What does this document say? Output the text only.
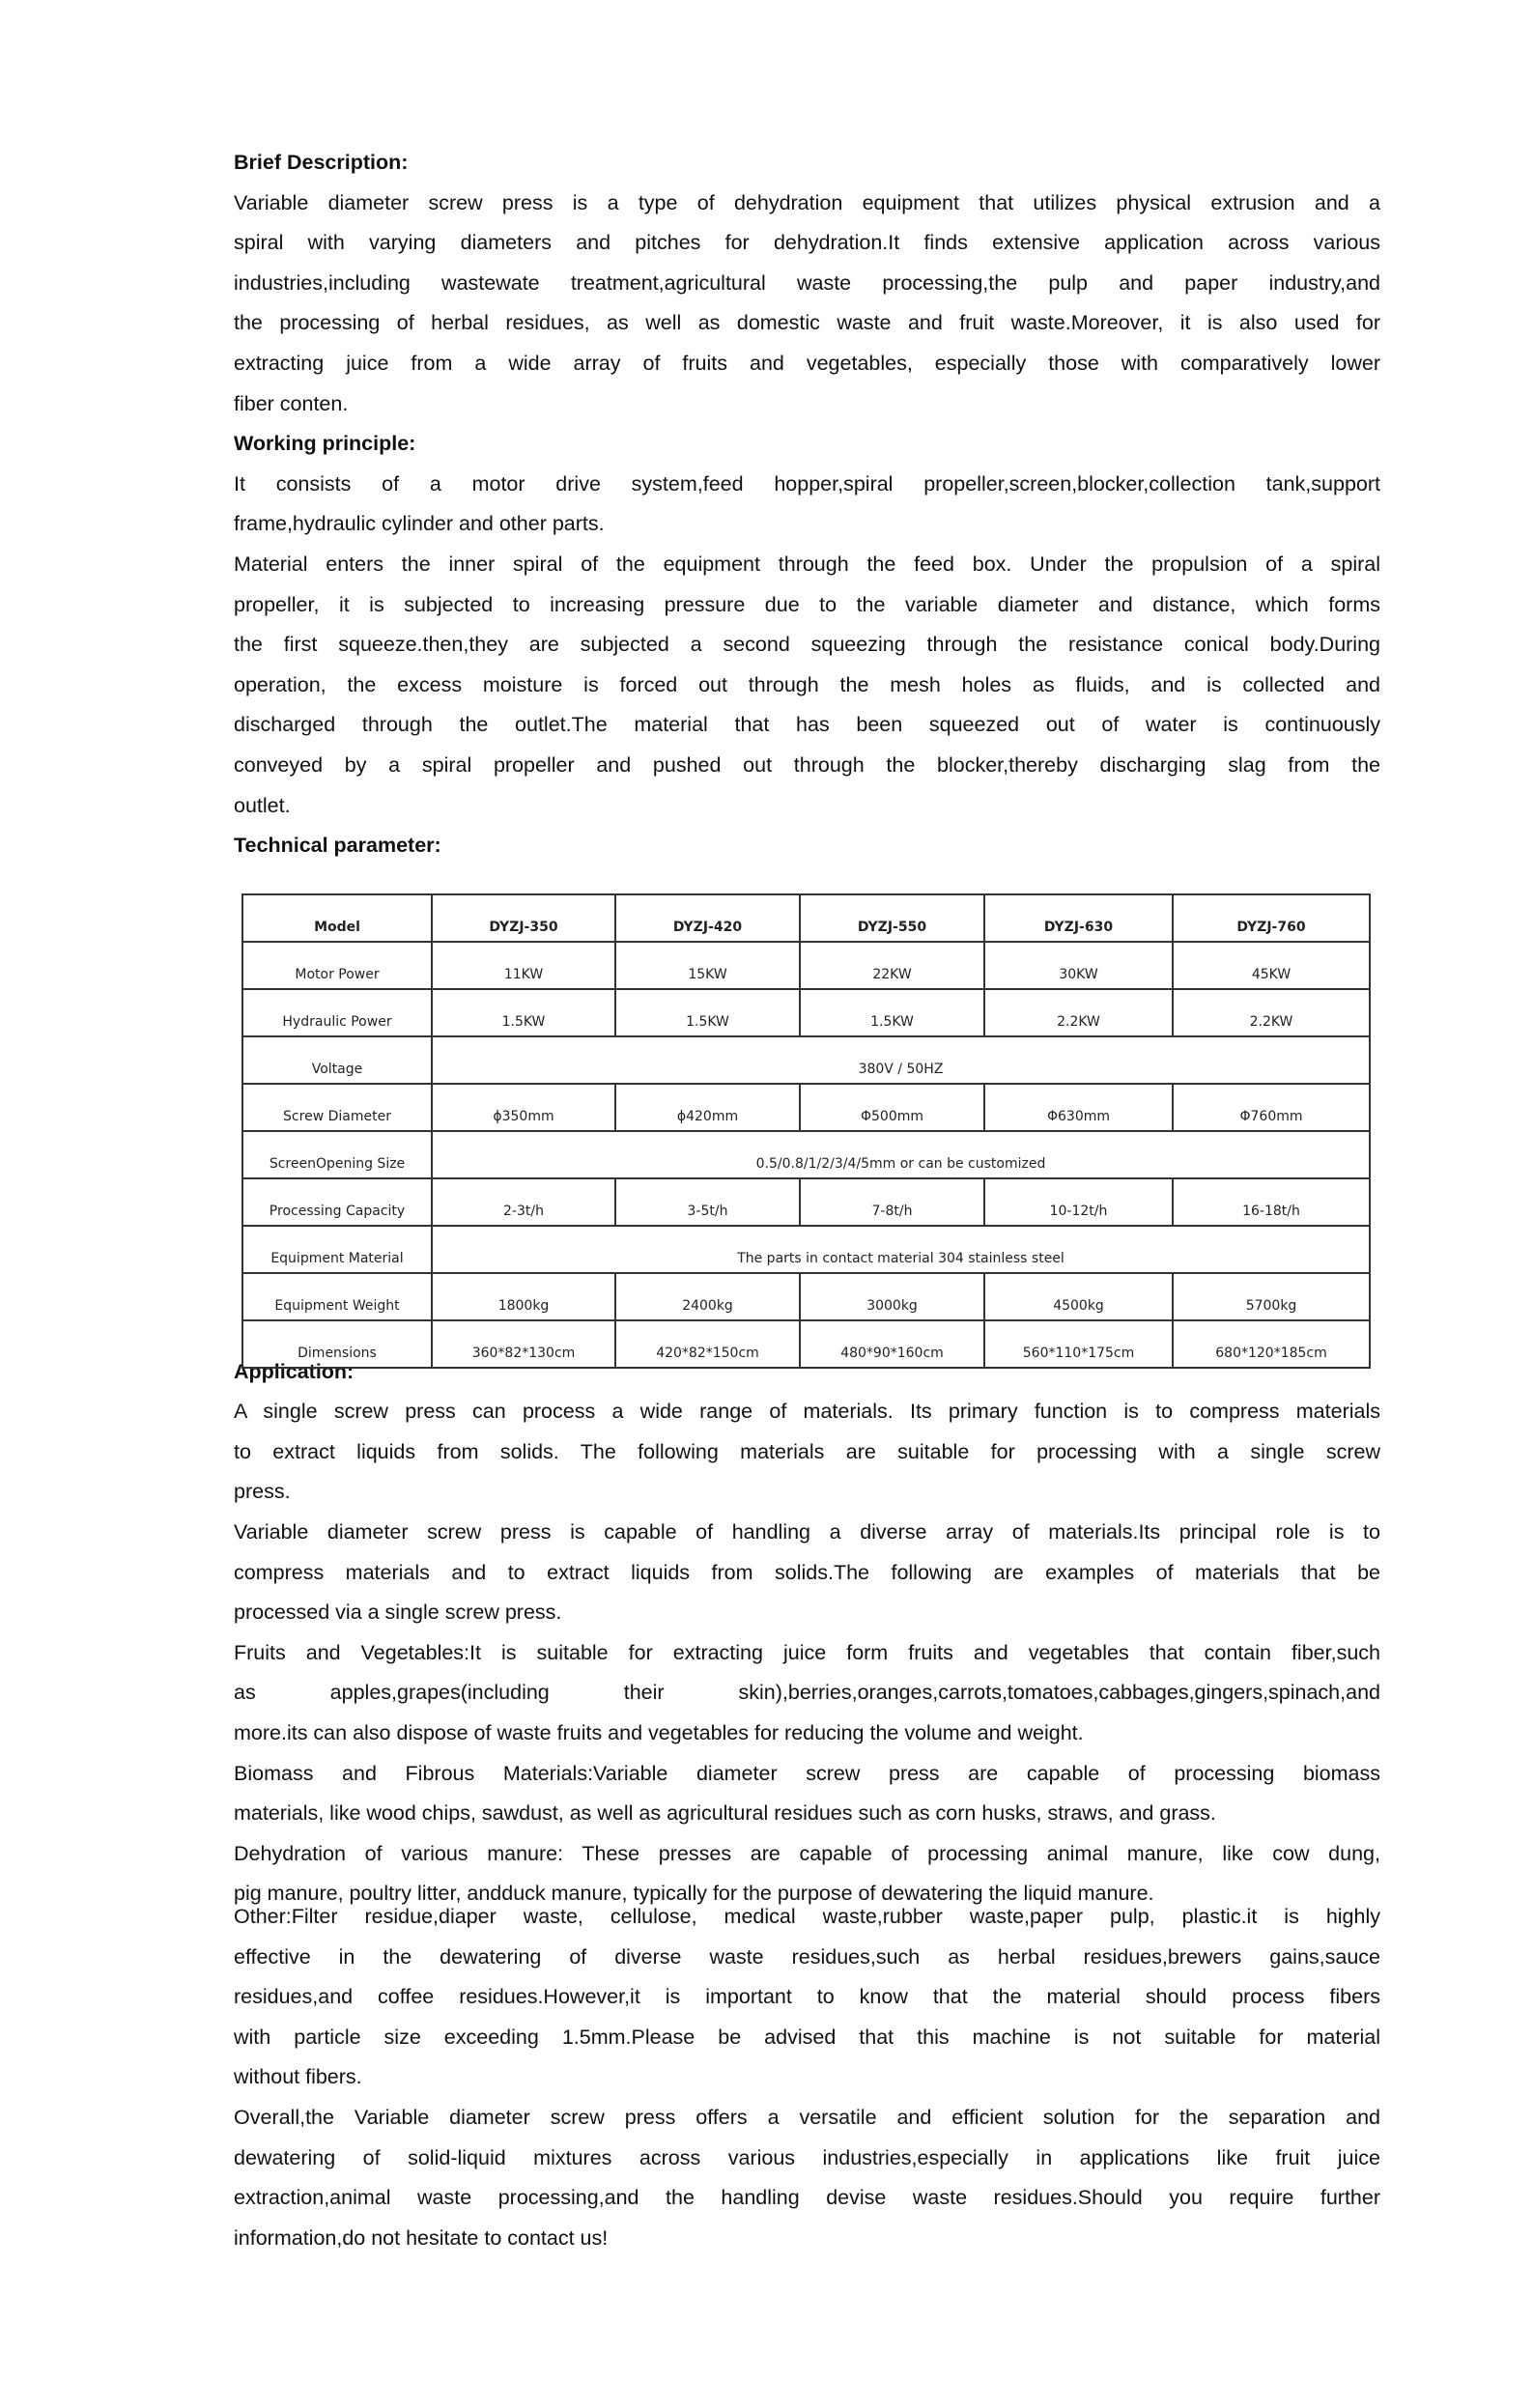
Brief Description:
Variable diameter screw press is a type of dehydration equipment that utilizes physical extrusion and a
spiral with varying diameters and pitches for dehydration.It finds extensive application across various
industries,including wastewate treatment,agricultural waste processing,the pulp and paper industry,and
the processing of herbal residues, as well as domestic waste and fruit waste.Moreover, it is also used for
extracting juice from a wide array of fruits and vegetables, especially those with comparatively lower
fiber conten.
Working principle:
It consists of a motor drive system,feed hopper,spiral propeller,screen,blocker,collection tank,support
frame,hydraulic cylinder and other parts.
Material enters the inner spiral of the equipment through the feed box. Under the propulsion of a spiral
propeller, it is subjected to increasing pressure due to the variable diameter and distance, which forms
the first squeeze.then,they are subjected a second squeezing through the resistance conical body.During
operation, the excess moisture is forced out through the mesh holes as fluids, and is collected and
discharged through the outlet.The material that has been squeezed out of water is continuously
conveyed by a spiral propeller and pushed out through the blocker,thereby discharging slag from the
outlet.
Technical parameter:
Model	DYZJ-350	DYZJ-420	DYZJ-550	DYZJ-630	DYZJ-760
Motor Power	11KW	15KW	22KW	30KW	45KW
Hydraulic Power	1.5KW	1.5KW	1.5KW	2.2KW	2.2KW
Voltage	380V / 50HZ				
Screw Diameter	ϕ350mm	ϕ420mm	Φ500mm	Φ630mm	Φ760mm
ScreenOpening Size	0.5/0.8/1/2/3/4/5mm or can be customized				
Processing Capacity	2-3t/h	3-5t/h	7-8t/h	10-12t/h	16-18t/h
Equipment Material	The parts in contact material 304 stainless steel				
Equipment Weight	1800kg	2400kg	3000kg	4500kg	5700kg
Dimensions	360*82*130cm	420*82*150cm	480*90*160cm	560*110*175cm	680*120*185cm
Application:
A single screw press can process a wide range of materials. Its primary function is to compress materials
to extract liquids from solids. The following materials are suitable for processing with a single screw
press.
Variable diameter screw press is capable of handling a diverse array of materials.Its principal role is to
compress materials and to extract liquids from solids.The following are examples of materials that be
processed via a single screw press.
Fruits and Vegetables:It is suitable for extracting juice form fruits and vegetables that contain fiber,such
as apples,grapes(including their skin),berries,oranges,carrots,tomatoes,cabbages,gingers,spinach,and
more.its can also dispose of waste fruits and vegetables for reducing the volume and weight.
Biomass and Fibrous Materials:Variable diameter screw press are capable of processing biomass
materials, like wood chips, sawdust, as well as agricultural residues such as corn husks, straws, and grass.
Dehydration of various manure: These presses are capable of processing animal manure, like cow dung,
pig manure, poultry litter, andduck manure, typically for the purpose of dewatering the liquid manure.
Other:Filter residue,diaper waste, cellulose, medical waste,rubber waste,paper pulp, plastic.it is highly
effective in the dewatering of diverse waste residues,such as herbal residues,brewers gains,sauce
residues,and coffee residues.However,it is important to know that the material should process fibers
with particle size exceeding 1.5mm.Please be advised that this machine is not suitable for material
without fibers.
Overall,the Variable diameter screw press offers a versatile and efficient solution for the separation and
dewatering of solid-liquid mixtures across various industries,especially in applications like fruit juice
extraction,animal waste processing,and the handling devise waste residues.Should you require further
information,do not hesitate to contact us!
